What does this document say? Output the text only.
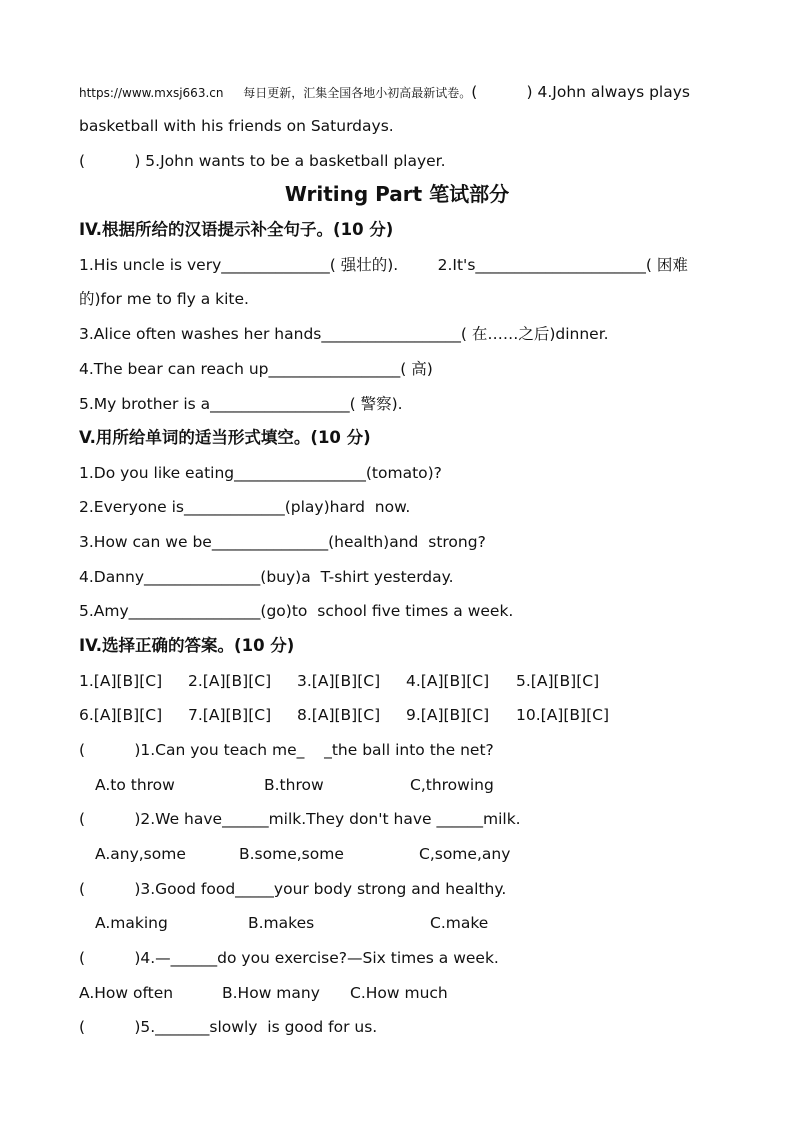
https://www.mxsj663.cn 每日更新，汇集全国各地小初高最新试卷。(          ) 4.John always plays
basketball with his friends on Saturdays.
(          ) 5.John wants to be a basketball player.
Writing Part 笔试部分
IV.根据所给的汉语提示补全句子。(10 分)
1.His uncle is very______________( 强壮的).        2.It's______________________( 困难
的)for me to fly a kite.
3.Alice often washes her hands__________________( 在……之后)dinner.
4.The bear can reach up_________________( 高)
5.My brother is a__________________( 警察).
V.用所给单词的适当形式填空。(10 分)
1.Do you like eating_________________(tomato)?
2.Everyone is_____________(play)hard  now.
3.How can we be_______________(health)and  strong?
4.Danny_______________(buy)a  T-shirt yesterday.
5.Amy_________________(go)to  school five times a week.
IV.选择正确的答案。(10 分)
1.[A][B][C] 2.[A][B][C] 3.[A][B][C] 4.[A][B][C] 5.[A][B][C]
6.[A][B][C] 7.[A][B][C] 8.[A][B][C] 9.[A][B][C] 10.[A][B][C]
(          )1.Can you teach me_    _the ball into the net?
A.to throw	B.throw	C,throwing
(          )2.We have______milk.They don't have ______milk.
A.any,some	B.some,some	C,some,any
(          )3.Good food_____your body strong and healthy.
A.making	B.makes	C.make
(          )4.—______do you exercise?—Six times a week.
A.How often	B.How many C.How much
(          )5._______slowly  is good for us.
